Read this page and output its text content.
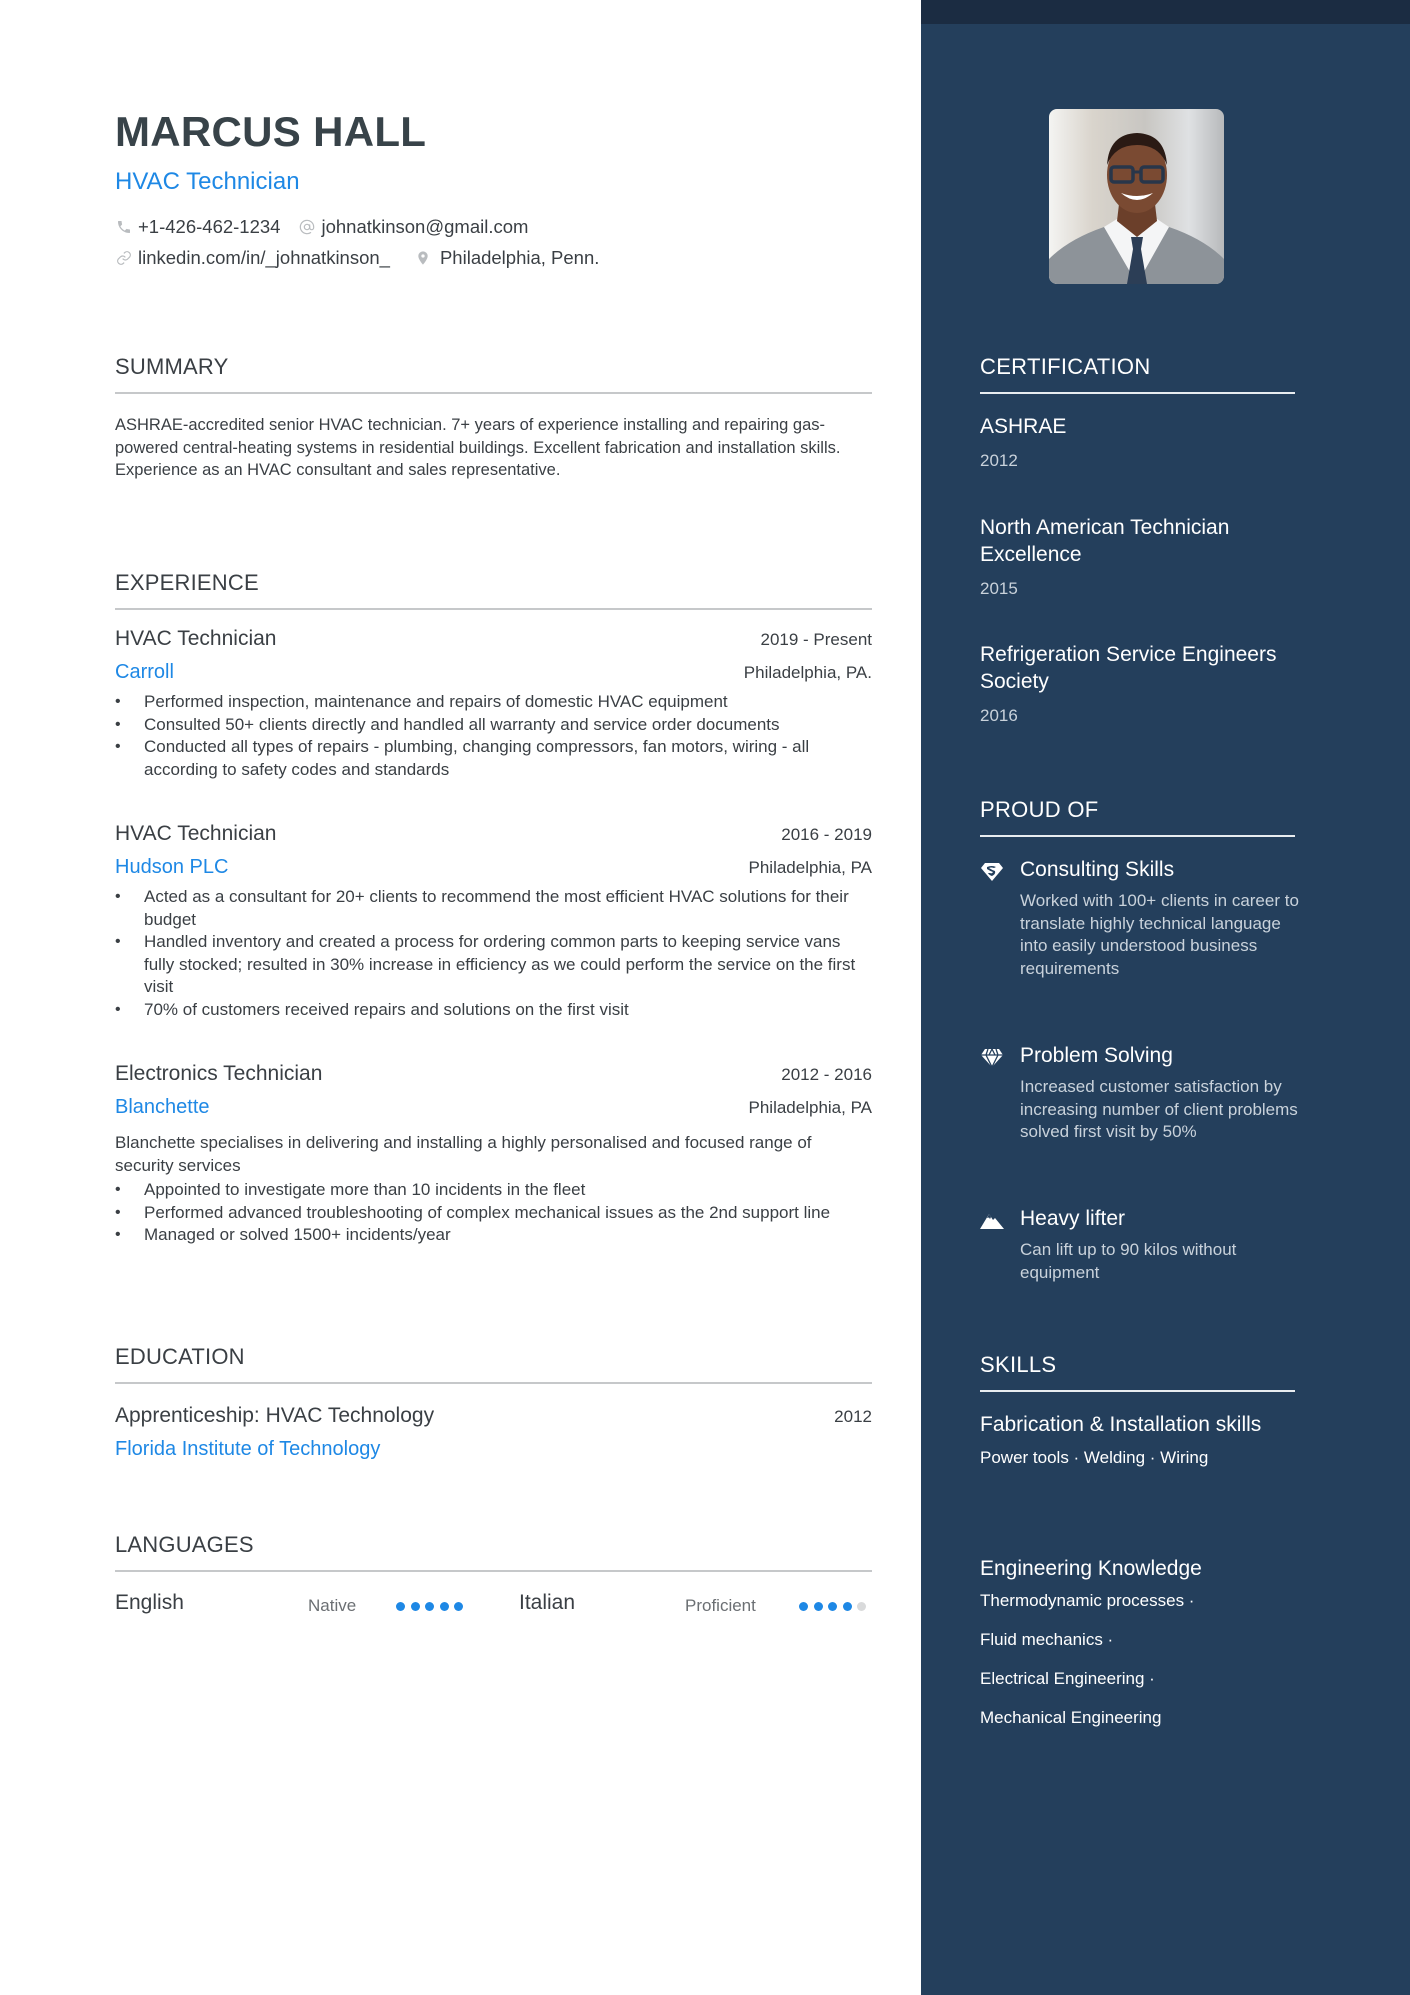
MARCUS HALL
HVAC Technician
+1-426-462-1234 johnatkinson@gmail.com
linkedin.com/in/_johnatkinson_	Philadelphia, Penn.
SUMMARY
ASHRAE-accredited senior HVAC technician. 7+ years of experience installing and repairing gas-powered central-heating systems in residential buildings. Excellent fabrication and installation skills. Experience as an HVAC consultant and sales representative.
EXPERIENCE
HVAC Technician	2019 - Present
Carroll	Philadelphia, PA.
• Performed inspection, maintenance and repairs of domestic HVAC equipment
• Consulted 50+ clients directly and handled all warranty and service order documents
• Conducted all types of repairs - plumbing, changing compressors, fan motors, wiring - all according to safety codes and standards
HVAC Technician	2016 - 2019
Hudson PLC	Philadelphia, PA
• Acted as a consultant for 20+ clients to recommend the most efficient HVAC solutions for their budget
• Handled inventory and created a process for ordering common parts to keeping service vans fully stocked; resulted in 30% increase in efficiency as we could perform the service on the first visit
• 70% of customers received repairs and solutions on the first visit
Electronics Technician	2012 - 2016
Blanchette	Philadelphia, PA
Blanchette specialises in delivering and installing a highly personalised and focused range of security services
• Appointed to investigate more than 10 incidents in the fleet
• Performed advanced troubleshooting of complex mechanical issues as the 2nd support line
• Managed or solved 1500+ incidents/year
EDUCATION
Apprenticeship: HVAC Technology	2012
Florida Institute of Technology
LANGUAGES
English	Native	Italian	Proficient
CERTIFICATION
ASHRAE
2012
North American Technician Excellence
2015
Refrigeration Service Engineers Society
2016
PROUD OF
Consulting Skills
Worked with 100+ clients in career to translate highly technical language into easily understood business requirements
Problem Solving
Increased customer satisfaction by increasing number of client problems solved first visit by 50%
Heavy lifter
Can lift up to 90 kilos without equipment
SKILLS
Fabrication & Installation skills
Power tools · Welding · Wiring
Engineering Knowledge
Thermodynamic processes ·
Fluid mechanics ·
Electrical Engineering ·
Mechanical Engineering
